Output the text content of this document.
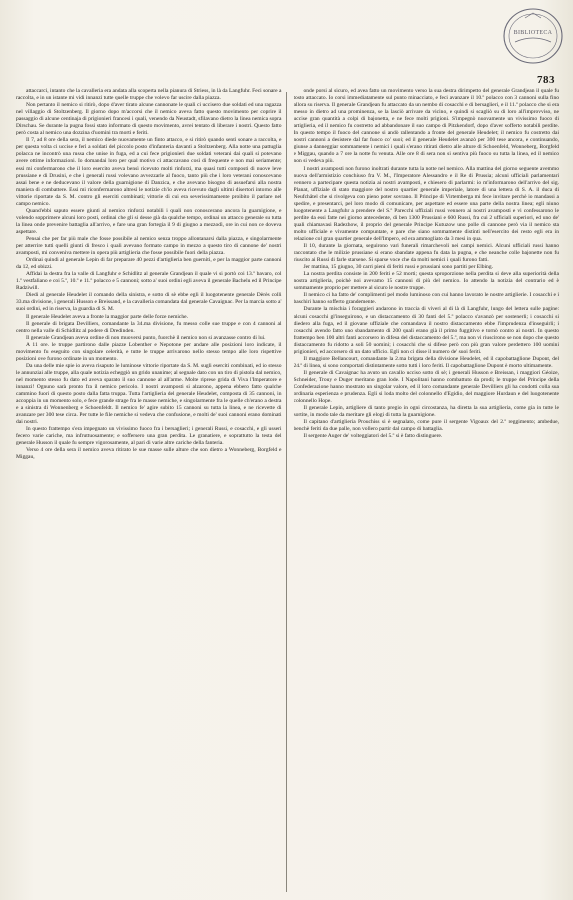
BIBLIOTECA
783

attaccarci, intanto che la cavalleria era andata alla scoperta nella pianura di Striess, in là da Langfuhr. Feci sonare a raccolta, e in un istante mi vidi innanzi tutte quelle truppe che volevo far uscire dalla piazza.

Non pertanto il nemico si ritirò, dopo d'aver tirato alcune cannonate le quali ci uccisero due soldati ed una ragazza nel villaggio di Stoltzenberg. Il giorno dopo m'accorsi che il nemico aveva fatto questo movimento per coprire il passaggio di alcune centinaja di prigionieri francesi i quali, venendo da Neustadt, sfilavano dietro la linea nemica sopra Dirschau. Se durante la pugna fossi stato informato di questo movimento, avrei tentato di liberare i nostri. Questo fatto però costa al nemico una dozzina d'uomini tra morti e feriti.

Il 7, ad 8 ore della sera, il nemico diede nuovamente un finto attacco, e si ritirò quando sentì sonare a raccolta, e per questa volta ci uccise e ferì a soldati del piccolo posto d'infanteria davanti a Stoltzenberg. Alla notte una pattuglia polacca ne incontrò una russa che unise in fuga, ed a cui fece prigionieri due soldati veterani dai quali si potevano avere ottime informazioni. Io domandai loro per qual motivo ci attaccavano così di frequente e non mai seriamente; essi mi confermarono che il loro esercito aveva bensì ricevuto molti rinforzi, ma quasi tutti composti di nuove leve prussiane e di Drusini, e che i generali russi volevano avvezzarle al fuoco, tanto più che i loro veterani conoscevano assai bene e ne deducevano il valore della guarnigione di Danzica, e che avevano bisogno di assuefarsi alla nostra maniera di combattere. Essi mi riconfermarono altresì le notizie ch'io aveva ricevuto dagli ultimi disertori intorno alle vittorie riportate da S. M. contro gli eserciti combinati; vittorie di cui era severissimamente proibito il parlare nel campo nemico.

Quand'ebbi saputo essere giunti al nemico rinforzi notabili i quali non conoscerano ancora la guarnigione, e volendo sopprimere alcuni loro posti, ordinai che gli si desse già da qualche tempo, ordinai un attacco generale su tutta la linea onde prevenire battaglia all'arrivo, e fare una gran fortegia il 9 di giugno a mezzodì, ore in cui non ce doveva aspettare.

Pensai che per far più male che fosse possibile al nemico senza troppo allontanarsi dalla piazza, e singolarmente per atterrire tutti quelli giunti di fresco i quali avevano formato campo in mezzo a questo tiro di cannone de' nostri avamposti, mi conveniva mettere in opera più artiglieria che fosse possibile fuori della piazza.

Ordinai quindi al generale Lepin di far preparare 40 pezzi d'artiglieria ben guerniti, e per la maggior parte cannoni da 12, ed obizzi.

Affidai la destra fra la valle di Langfuhr e Schidlitz al generale Grandjean il quale vi si portò coi 13.º bavaro, col 1.º vestfaliano e coi 5.º, 10.º e 11.º polacco e 5 cannoni; sotto a' suoi ordini egli aveva il generale Bachelu ed il Principe Radziwill.

Diedi al generale Heudelet il comando della sinistra, e sotto di sè ebbe egli il luogotenente generale Dèrès colli 33.ma divisione, i generali Husson e Breissand, e la cavalleria comandata dal generale Cavaignac. Per la marcia sotto a' suoi ordini, ed in riserva, la guardia di S. M.

Il generale Heudelet aveva a fronte la maggior parte delle forze nemiche.

Il generale di brigata Devilliers, comandante la 34.ma divisione, fu messo colle sue truppe e con 4 cannoni al centro nella valle di Schidlitz al podere di Dredinden.

Il generale Grandjean aveva ordine di non muoversi punto, fuorchè il nemico non si avanzasse contro di lui.

A 11 ore. le truppe partirono dalle piazze Lobenther e Nepotone per andare alle posizioni loro indicate, il movimento fu eseguito con singolare celerità, e tutte le truppe arrivarono nello stesso tempo alle loro rispettive posizioni ove furono ordinate in un momento.

Da una delle mie spie io aveva risaputo le luminose vittorie riportate da S. M. sugli eserciti combinati, ed io stesso le annunziai alle truppe, alla quale notizia echeggiò un grido unanime; al segnale dato con un tiro di pistola dal nemico, nel momento stesso fu dato ed aveva sparato il suo cannone al all'arme. Molte riprese grida di Viva l'Imperatore e innanzi! Ognuno sarà pronto fra il nemico pericolo. I nostri avamposti si alzarono, appena ebbero fatto qualche cammino fuori di questo posto dalla fatta truppa. Tutta l'artiglieria del generale Heudelet, composta di 35 cannoni, in accoppia in un momento solo, e fece grande strage fra le masse nemiche, e singolarmente fra le quelle ch'erano a destra e a sinistra di Wonnenberg e Schoenfeldt. Il nemico fe' agire subito 15 cannoni su tutta la linea, e ne ricevette di avanzare per 300 tese circa. Per tutte le file nemiche si vedeva che confusione, e molti de' suoi cannoni erano dominati dai nostri.

In questo frattempo s'era impegnato un vivissimo fuoco fra i bersaglieri; i generali Russi, e cosacchi, e gli usseri fecero varie cariche, ma infruttuosamente; e soffersero una gran perdita. Le granatiere, e soprattutto la testa del generale Husson il quale fu sempre vigorosamente, al pari di varie altre cariche della fanteria.

Verso 4 ore della sera il nemico aveva ritirato le sue masse sulle alture che son dietro a Wonneberg, Borgfeld e Miggau,

onde porsi al sicuro, ed avea fatto un movimento verso la sua destra dirimpetto del generale Grandjean il quale fu tosto attaccato. Io corsi immediatamente sul punto minacciato, e feci avanzare il 10.º polacco con 3 cannoni sulla fino allora su riserva. Il generale Grandjean fu attaccato da un nembo di cosacchi e di bersaglieri, e il 11.º polacco che si era messo in dietro ad una prominenza, se la lasciò arrivare da vicino, e quindi si scagliò su di loro all'improvviso, ne uccise gran quantità a colpi di bajonetta, e ne fece molti prigioni. S'impegnò nuovamente un vivissimo fuoco di artiglieria, ed il nemico fu costretto ad abbandonare il suo campo di Pitzkendorf, dopo d'aver sofferto notabili perdite. In questo tempo il fuoco del cannone si andò rallentando a fronte del generale Heudelet; il nemico fu costretto dai nostri cannoni a desistere dal far fuoco co' suoi; ed il generale Heudelet avanzò per 300 tese ancora, e continuando, giunse a danneggiar sommamente i nemici i quali s'erano ritirati dietro alle alture di Schoenfeld, Wonneberg, Borgfeld e Miggau, quando a 7 ore la notte fu venuta. Alle ore 8 di sera non si sentiva più fuoco su tutta la linea, ed il nemico non si vedeva più.

I nostri avamposti non furono inoltrati durante tutta la notte nel nemico. Alla mattina del giorno seguente avemmo nuova dell'armistizio conchiuso fra V. M., l'Imperatore Alessandro e il Re di Prussia; alcuni ufficiali parlamentari vennero a partecipare questa notizia ai nostri avamposti, e chiesero di parlarmi: io m'informarono dell'arrivo del sig. Planat, uffiziale di stato maggiore del nostro quartier generale imperiale, latore di una lettera di S. A. il duca di Neufchâtel che si rivolgeva con pieno poter sovrano. Il Principe di Virtemberga mi fece invitare perchè io mandassi a spedire, e presentarci, pel loro modo di comunicare, per aspettare ed essere una parte della nostra linea; egli niuno luogotenente a Langfuhr a prendere del S.º Parecchi uffiziali russi vennero ai nostri avamposti e vi confessarono le perdite da essi fatte nei giorno antecedente, di ben 1300 Prussiani e 600 Russi, fra cui 2 ufficiali superiori, ed uno de' quali chiamavasi Radezhow, il proprio del generale Principe Kutuzow uno polle di cannone però via il nemico sta molto ufficiale e vivamente compuntate, e pare che siano sommamente distinti nell'esercito dei resto egli era in relazione col gran quartier generale dell'Impero, ed era ammogliato da 3 mesi in qua.

Il 10, durante la giornata, seguirono vari funerali rimarchevoli nei campi nemici. Alcuni ufficiali russi hanno raccontato che le milizie prussiane si erano sbandate appena fu data la pugna, e che neanche colle bajonette non fu riuscito ai Russi di farle starsene. Si sparse voce che da molti nemici i quali furono fatti.

Jer mattina, 15 giugno, 30 carri pieni di feriti russi e prussiani sono partiti per Elbing.

La nostra perdita consiste in 200 feriti e 52 morti; questa sproporzione nella perdita si deve alla superiorità della nostra artiglieria, poichè noi avevamo 15 cannoni di più del nemico. Io attendo la notizia del contrario ed è sommamente proprio per mettere al sicuro le nostre truppe.

Il nemico ci ha fatto de' complimenti pel modo luminoso con cui hanno lavorato le nostre artiglierie. I cosacchi e i baschiri hanno sofferto grandemente.

Durante la mischia i foraggieri andarono in traccia di viveri al di là di Langfuhr, lungo del lettera sulle pagine: alcuni cosacchi gl'inseguirono, e un distaccamento di 30 fanti del 5.º polacco s'avanzò per sostenerli; i cosacchi si diedero alla fuga, ed il giovane uffiziale che comandava il nostro distaccamento ebbe l'imprudenza d'inseguirli; i cosacchi avendo fatto uno sbandamento di 200 quali erano già il primo fuggitivo e tornò contro ai nostri. In questo frattempo ben 100 altri fanti accorsero in difesa del distaccamento del 5.º, ma non vi riuscirono se non dopo che questo distaccamento fu ridotto a soli 50 uomini; i cosacchi che si difese però con più gran valore perdettero 100 uomini prigionieri, ed accorsero di un dato ufficio. Egli non ci disse il numero de' suoi feriti.

Il maggiore Bellancourt, comandante la 2.ma brigata della divisione Heudelet, ed il capobattaglione Dupont, del 24.º di linea, si sono comportati distintamente sotto tutti i loro feriti. Il capobattaglione Dupont è morto ultimamente.

Il generale di Cavaignac ha avuto un cavallo ucciso sotto di sè; i generali Husson e Breissan, i maggiori Géoize, Schneider, Trouy e Duger meritano gran lode. I Napolitani hanno combattuto da prodi; le truppe del Principe della Confederazione hanno mostrato un singolar valore, ed il loro comandante generale Devilliers gli ha condotti colla sua ordinaria esperienza e prudenza. Egli si loda molto del colonnello d'Egidio, del maggiore Hurdaun e del luogotenente colonnello Hope.

Il generale Lepin, artigliere di tanto pregio in ogni circostanza, ha diretta la sua artiglieria, come gia in tutte le sortite, in modo tale da meritare gli elogi di tutta la guarnigione.

Il capitano d'artiglieria Prouchiss si è segnalato, come pure il sergente Vigoaux del 2.º reggimento; ambedue, benchè feriti da due palle, non vollero partir dal campo di battaglia.

Il sergente Auger de' volteggiatori del 5.º si è fatto distinguere.
